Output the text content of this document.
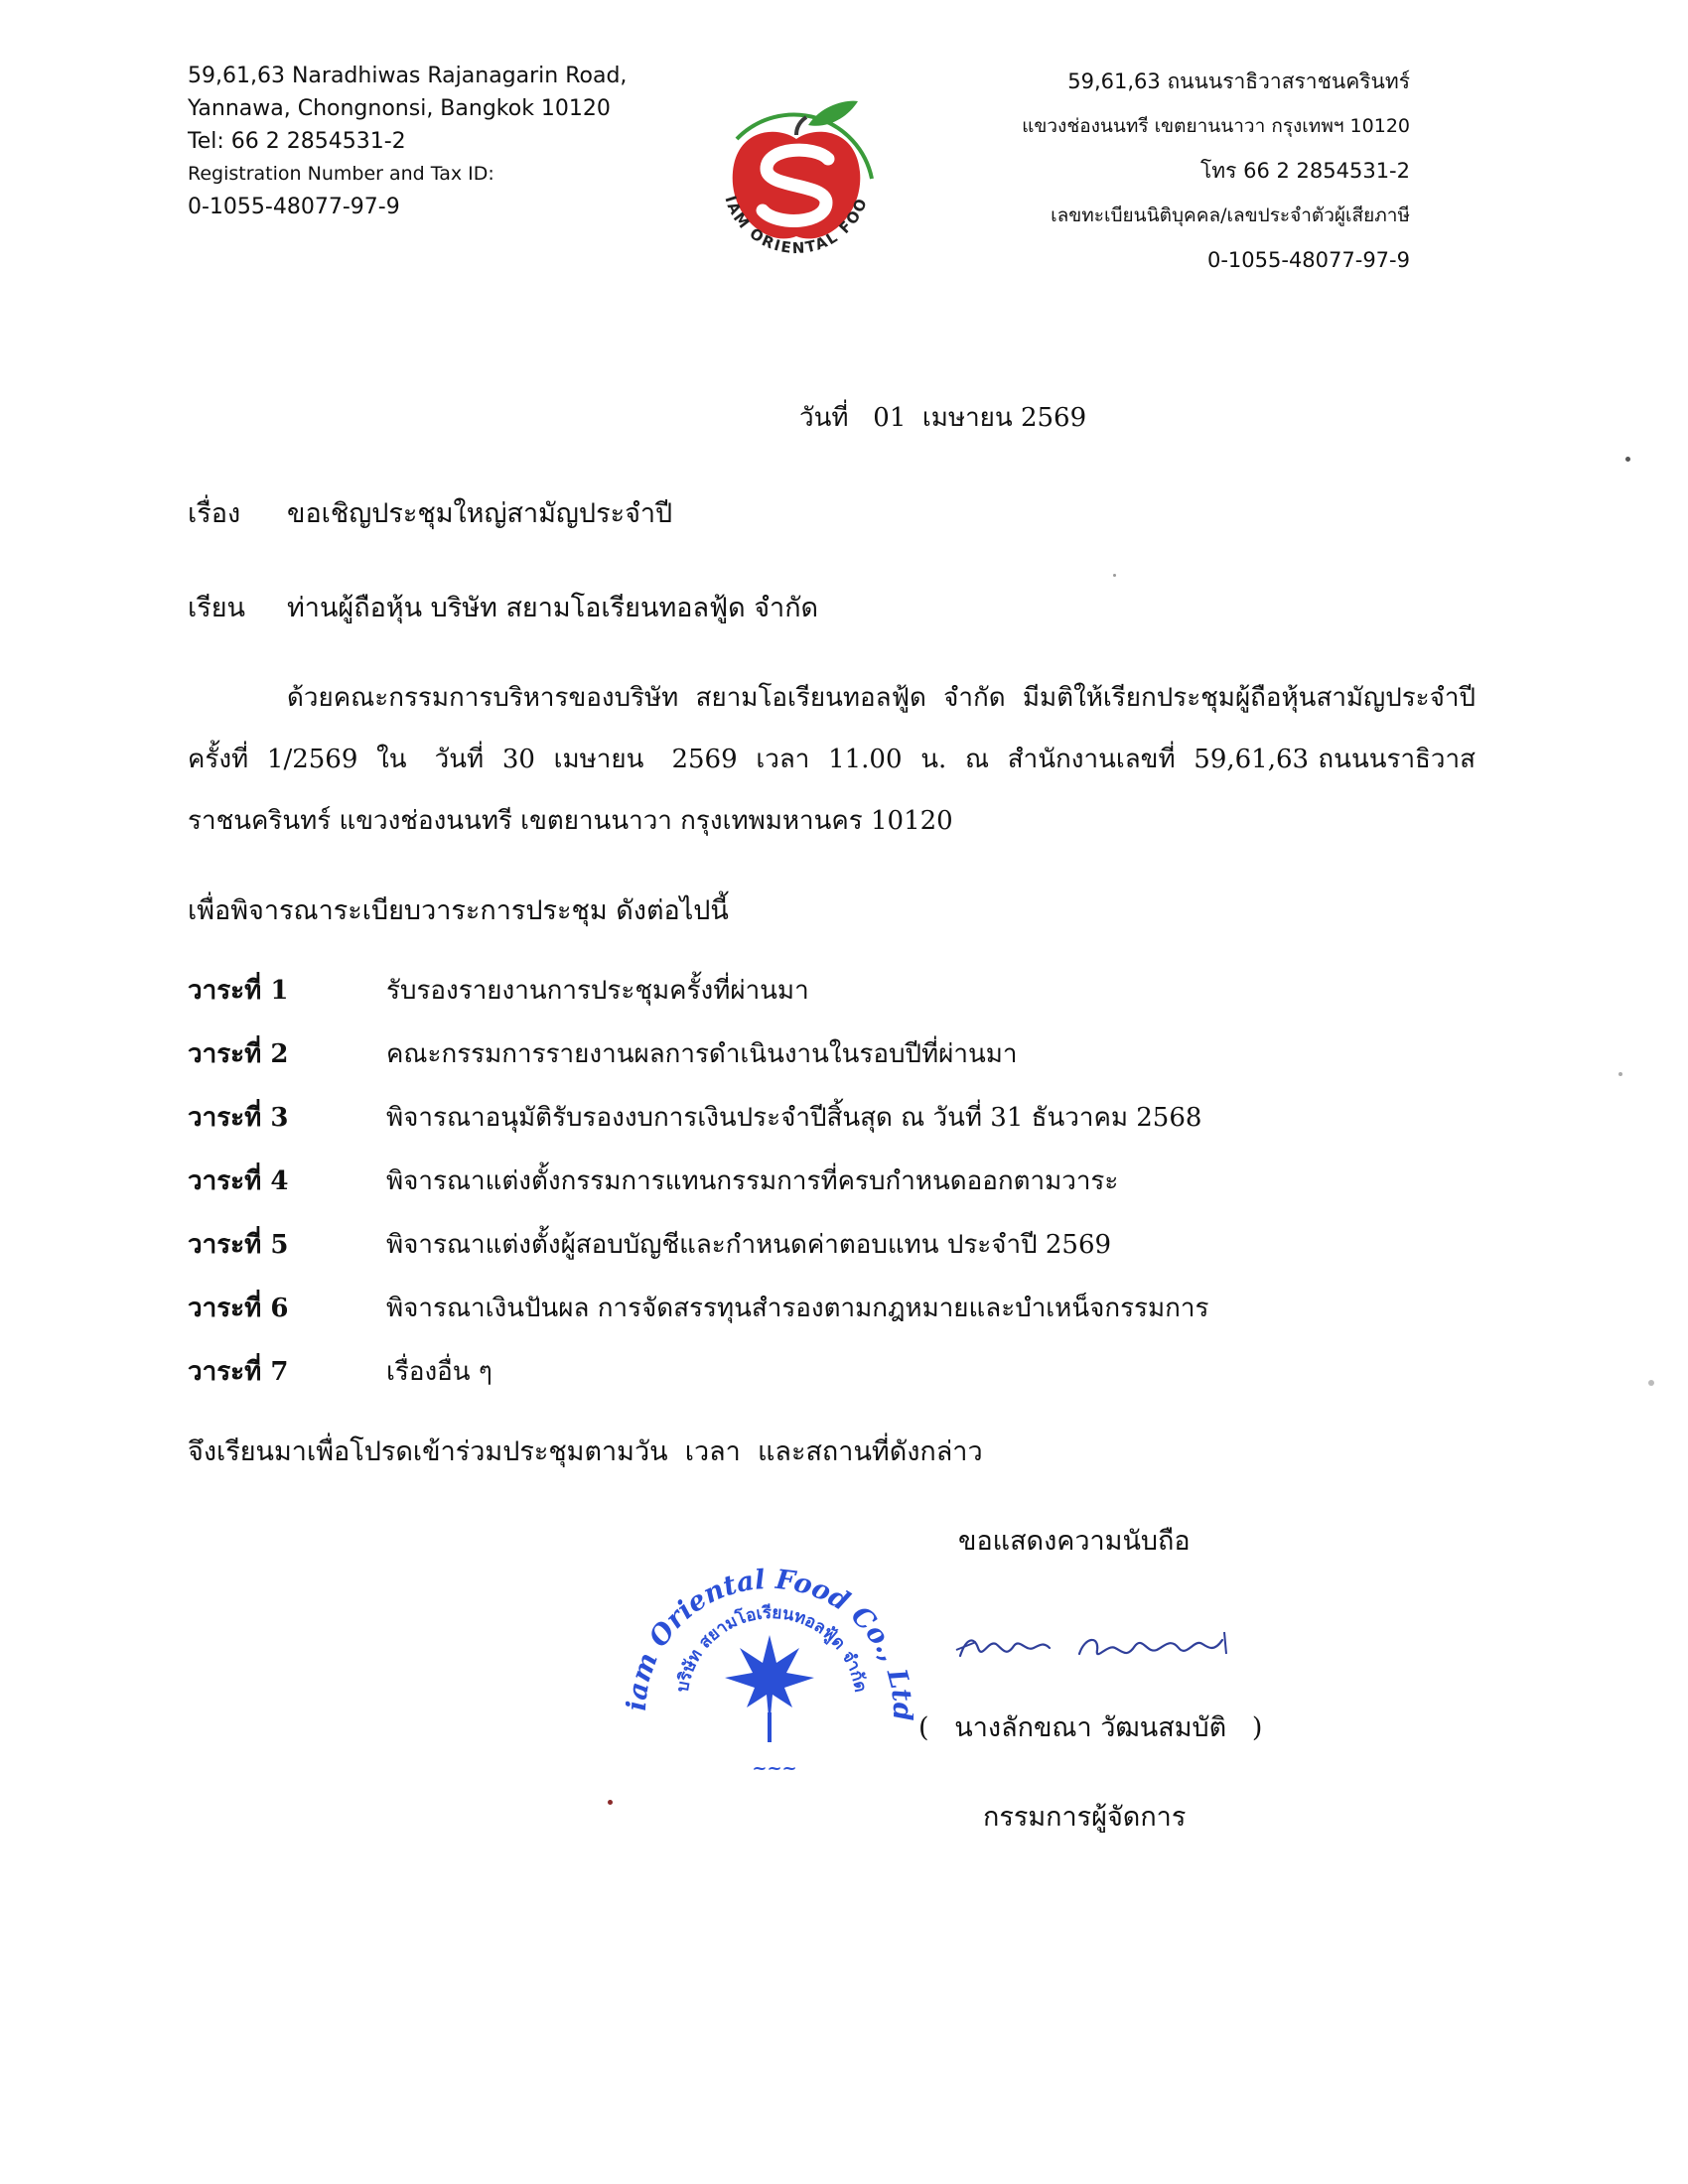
59,61,63 Naradhiwas Rajanagarin Road,
Yannawa, Chongnonsi, Bangkok 10120
Tel: 66 2 2854531-2
Registration Number and Tax ID:
0-1055-48077-97-9	IAM ORIENTAL FOO
59,61,63 ถนนนราธิวาสราชนครินทร์
แขวงช่องนนทรี เขตยานนาวา กรุงเทพฯ 10120
โทร 66 2 2854531-2
เลขทะเบียนนิติบุคคล/เลขประจำตัวผู้เสียภาษี
0-1055-48077-97-9
วันที่   01  เมษายน 2569
เรื่อง ขอเชิญประชุมใหญ่สามัญประจำปี
เรียน ท่านผู้ถือหุ้น บริษัท สยามโอเรียนทอลฟู้ด จำกัด
ด้วยคณะกรรมการบริหารของบริษัท  สยามโอเรียนทอลฟู้ด  จำกัด  มีมติให้เรียกประชุมผู้ถือหุ้นสามัญประจำปี  ครั้งที่  1/2569  ใน   วันที่  30  เมษายน   2569  เวลา  11.00  น.  ณ  สำนักงานเลขที่  59,61,63 ถนนนราธิวาสราชนครินทร์ แขวงช่องนนทรี เขตยานนาวา กรุงเทพมหานคร 10120
เพื่อพิจารณาระเบียบวาระการประชุม ดังต่อไปนี้
วาระที่ 1	รับรองรายงานการประชุมครั้งที่ผ่านมา
วาระที่ 2	คณะกรรมการรายงานผลการดำเนินงานในรอบปีที่ผ่านมา
วาระที่ 3	พิจารณาอนุมัติรับรองงบการเงินประจำปีสิ้นสุด ณ วันที่ 31 ธันวาคม 2568
วาระที่ 4	พิจารณาแต่งตั้งกรรมการแทนกรรมการที่ครบกำหนดออกตามวาระ
วาระที่ 5	พิจารณาแต่งตั้งผู้สอบบัญชีและกำหนดค่าตอบแทน ประจำปี 2569
วาระที่ 6	พิจารณาเงินปันผล การจัดสรรทุนสำรองตามกฎหมายและบำเหน็จกรรมการ
วาระที่ 7	เรื่องอื่น ๆ
จึงเรียนมาเพื่อโปรดเข้าร่วมประชุมตามวัน  เวลา  และสถานที่ดังกล่าว
m Oriental Food Co., L
บริษัท สยามโอเรียนทอลฟู้ด จำกัด
~~~
ขอแสดงความนับถือ
(   นางลักขณา วัฒนสมบัติ   )
กรรมการผู้จัดการ
